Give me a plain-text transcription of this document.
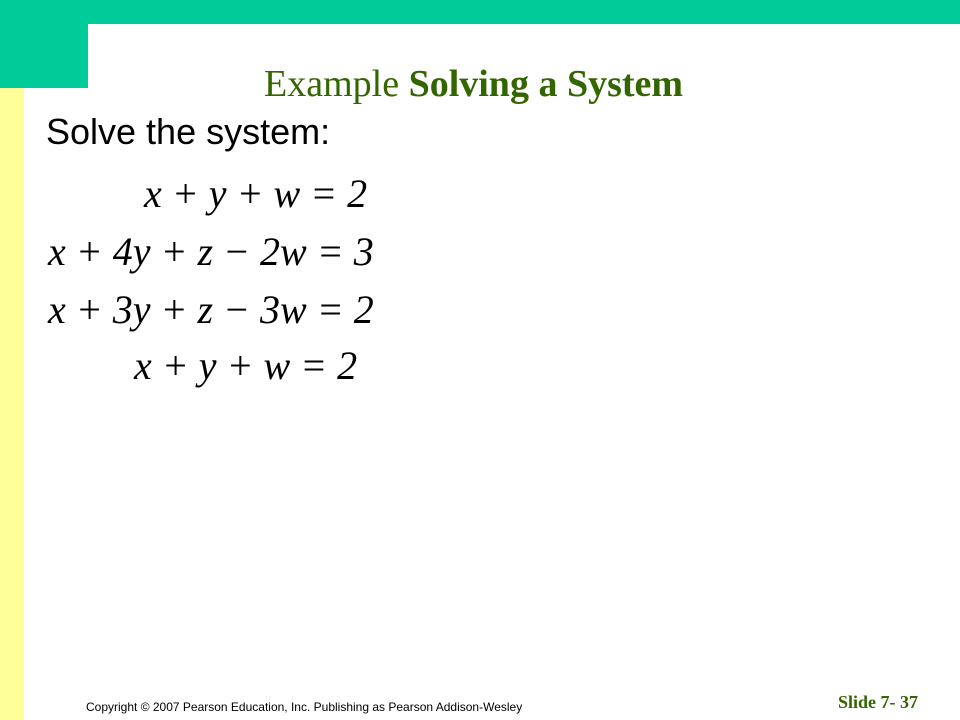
Example Solving a System
Solve the system:
x + y + w = 2
x + 4y + z − 2w = 3
x + 3y + z − 3w = 2
x + y + w = 2
Copyright © 2007 Pearson Education, Inc. Publishing as Pearson Addison-Wesley	Slide 7- 37
